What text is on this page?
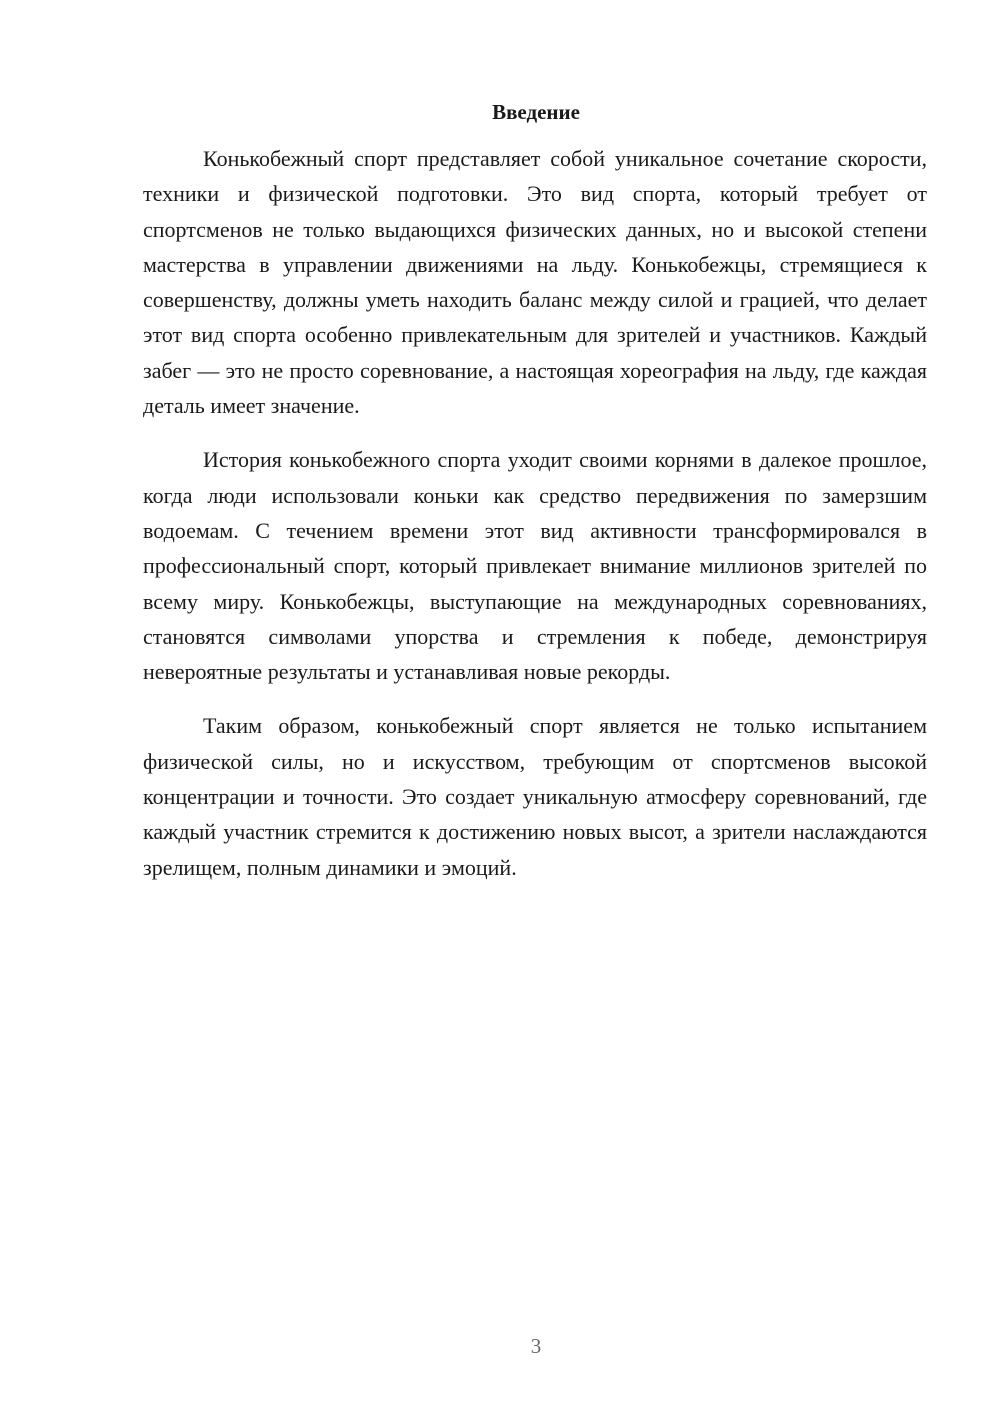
Введение

Конькобежный спорт представляет собой уникальное сочетание скорости, техники и физической подготовки. Это вид спорта, который требует от спортсменов не только выдающихся физических данных, но и высокой степени мастерства в управлении движениями на льду. Конькобежцы, стремящиеся к совершенству, должны уметь находить баланс между силой и грацией, что делает этот вид спорта особенно привлекательным для зрителей и участников. Каждый забег — это не просто соревнование, а настоящая хореография на льду, где каждая деталь имеет значение.

История конькобежного спорта уходит своими корнями в далекое прошлое, когда люди использовали коньки как средство передвижения по замерзшим водоемам. С течением времени этот вид активности трансформировался в профессиональный спорт, который привлекает внимание миллионов зрителей по всему миру. Конькобежцы, выступающие на международных соревнованиях, становятся символами упорства и стремления к победе, демонстрируя невероятные результаты и устанавливая новые рекорды.

Таким образом, конькобежный спорт является не только испытанием физической силы, но и искусством, требующим от спортсменов высокой концентрации и точности. Это создает уникальную атмосферу соревнований, где каждый участник стремится к достижению новых высот, а зрители наслаждаются зрелищем, полным динамики и эмоций.

3
